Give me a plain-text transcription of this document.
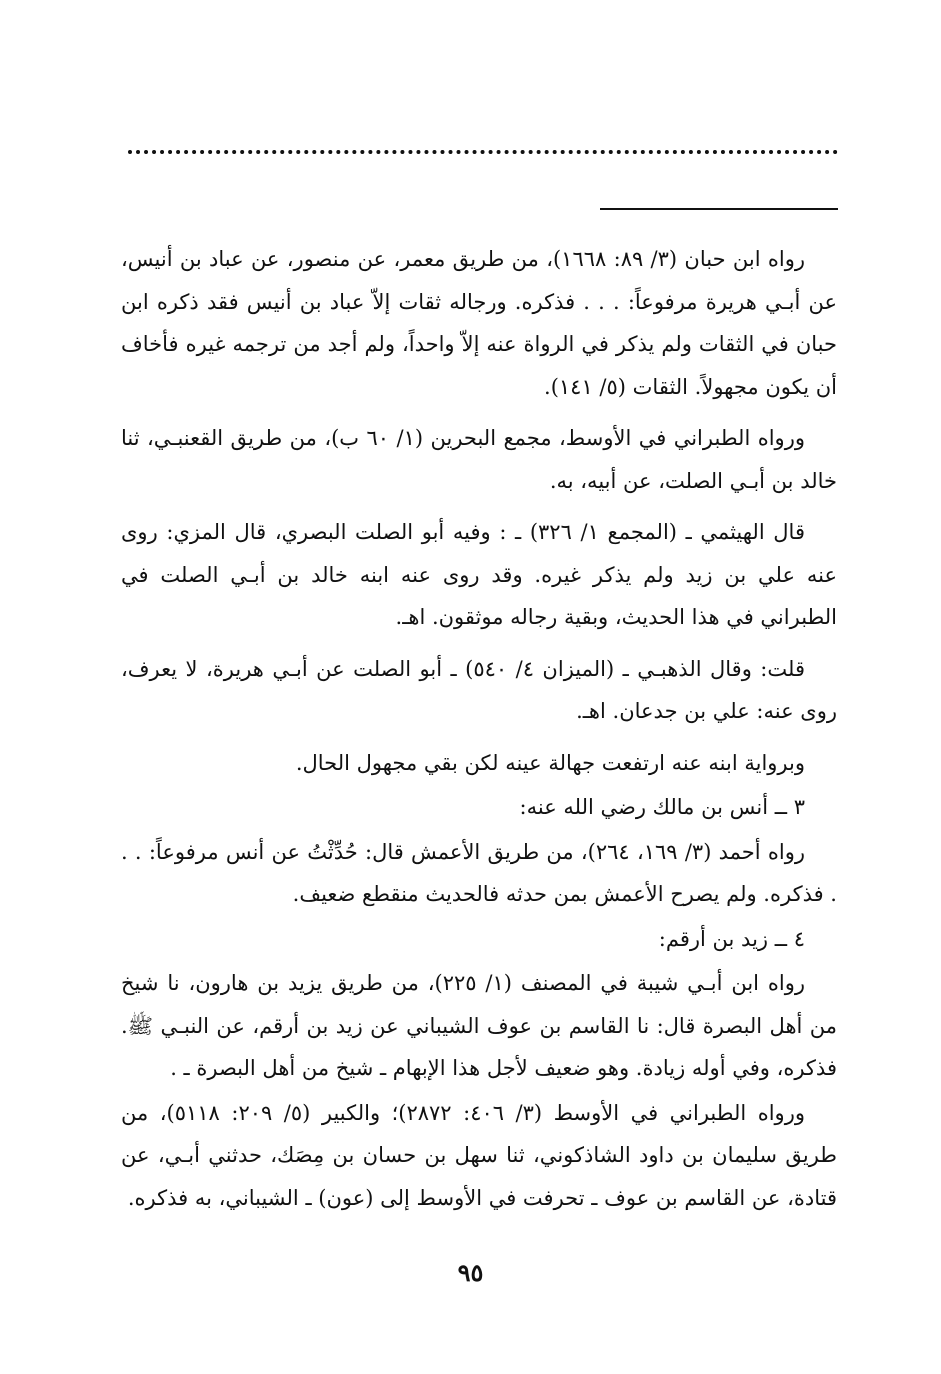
رواه ابن حبان (٣/ ٨٩: ١٦٦٨)، من طريق معمر، عن منصور، عن عباد بن أنيس، عن أبـي هريرة مرفوعاً: . . . فذكره. ورجاله ثقات إلاّ عباد بن أنيس فقد ذكره ابن حبان في الثقات ولم يذكر في الرواة عنه إلاّ واحداً، ولم أجد من ترجمه غيره فأخاف أن يكون مجهولاً. الثقات (٥/ ١٤١).

ورواه الطبراني في الأوسط، مجمع البحرين (١/ ٦٠ ب)، من طريق القعنبـي، ثنا خالد بن أبـي الصلت، عن أبيه، به.

قال الهيثمي ـ (المجمع ١/ ٣٢٦) ـ : وفيه أبو الصلت البصري، قال المزي: روى عنه علي بن زيد ولم يذكر غيره. وقد روى عنه ابنه خالد بن أبـي الصلت في الطبراني في هذا الحديث، وبقية رجاله موثقون. اهـ.

قلت: وقال الذهبـي ـ (الميزان ٤/ ٥٤٠) ـ أبو الصلت عن أبـي هريرة، لا يعرف، روى عنه: علي بن جدعان. اهـ.

وبرواية ابنه عنه ارتفعت جهالة عينه لكن بقي مجهول الحال.

٣ ــ أنس بن مالك رضي الله عنه:

رواه أحمد (٣/ ١٦٩، ٢٦٤)، من طريق الأعمش قال: حُدِّثْتُ عن أنس مرفوعاً: . . . فذكره. ولم يصرح الأعمش بمن حدثه فالحديث منقطع ضعيف.

٤ ــ زيد بن أرقم:

رواه ابن أبـي شيبة في المصنف (١/ ٢٢٥)، من طريق يزيد بن هارون، نا شيخ من أهل البصرة قال: نا القاسم بن عوف الشيباني عن زيد بن أرقم، عن النبـي ﷺ. فذكره، وفي أوله زيادة. وهو ضعيف لأجل هذا الإبهام ـ شيخ من أهل البصرة ـ .

ورواه الطبراني في الأوسط (٣/ ٤٠٦: ٢٨٧٢)؛ والكبير (٥/ ٢٠٩: ٥١١٨)، من طريق سليمان بن داود الشاذكوني، ثنا سهل بن حسان بن مِصَك، حدثني أبـي، عن قتادة، عن القاسم بن عوف ـ تحرفت في الأوسط إلى (عون) ـ الشيباني، به فذكره.

٩٥
